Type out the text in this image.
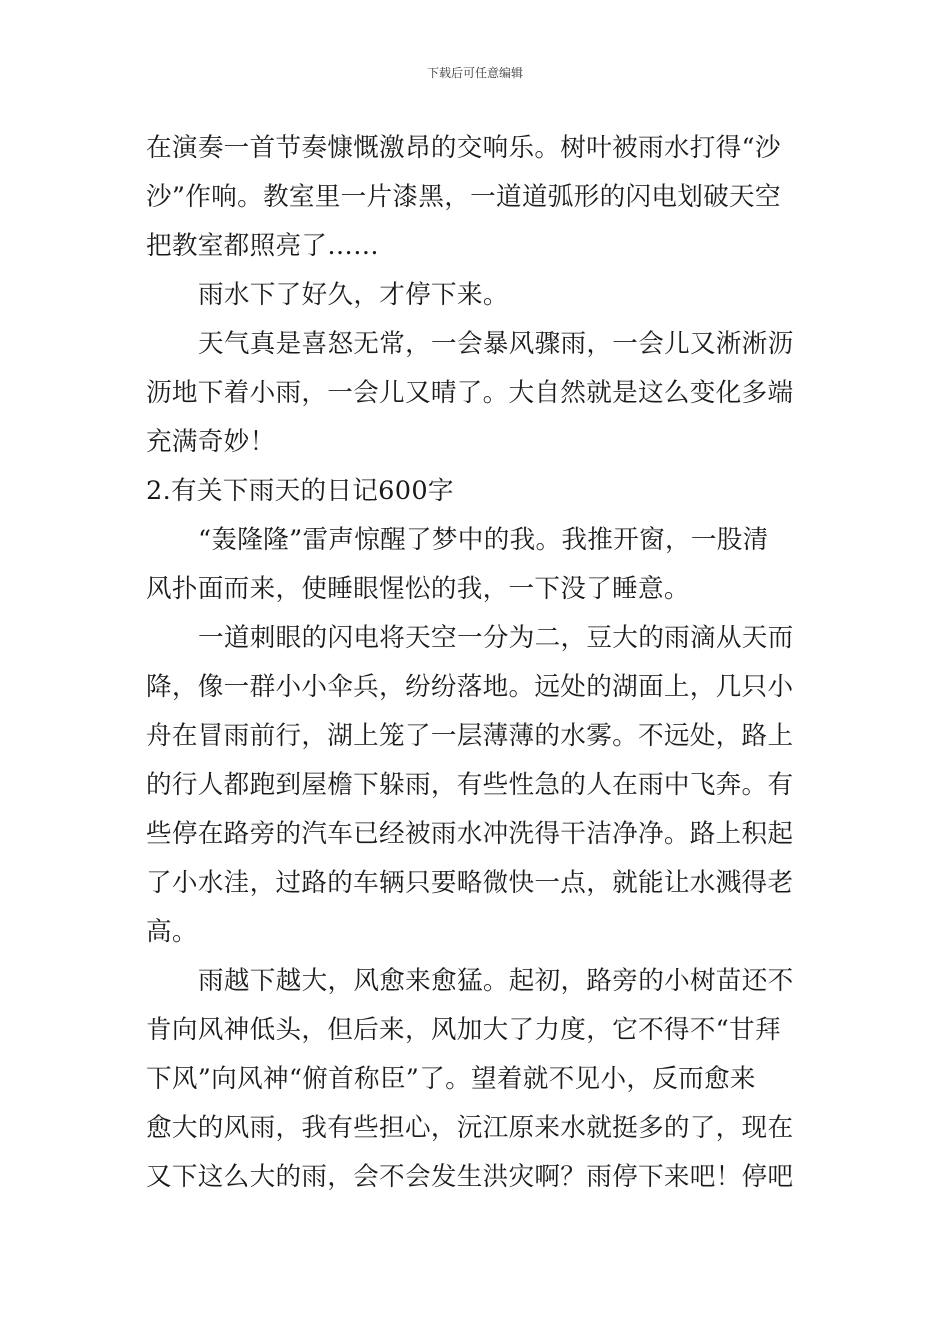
下载后可任意编辑
在演奏一首节奏慷慨激昂的交响乐。树叶被雨水打得“沙
沙”作响。教室里一片漆黑，一道道弧形的闪电划破天空
把教室都照亮了……
雨水下了好久，才停下来。
天气真是喜怒无常，一会暴风骤雨，一会儿又淅淅沥
沥地下着小雨，一会儿又晴了。大自然就是这么变化多端
充满奇妙！
2.有关下雨天的日记600字
“轰隆隆”雷声惊醒了梦中的我。我推开窗，一股清
风扑面而来，使睡眼惺忪的我，一下没了睡意。
一道刺眼的闪电将天空一分为二，豆大的雨滴从天而
降，像一群小小伞兵，纷纷落地。远处的湖面上，几只小
舟在冒雨前行，湖上笼了一层薄薄的水雾。不远处，路上
的行人都跑到屋檐下躲雨，有些性急的人在雨中飞奔。有
些停在路旁的汽车已经被雨水冲洗得干洁净净。路上积起
了小水洼，过路的车辆只要略微快一点，就能让水溅得老
高。
雨越下越大，风愈来愈猛。起初，路旁的小树苗还不
肯向风神低头，但后来，风加大了力度，它不得不“甘拜
下风”向风神“俯首称臣”了。望着就不见小，反而愈来
愈大的风雨，我有些担心，沅江原来水就挺多的了，现在
又下这么大的雨，会不会发生洪灾啊？雨停下来吧！停吧
